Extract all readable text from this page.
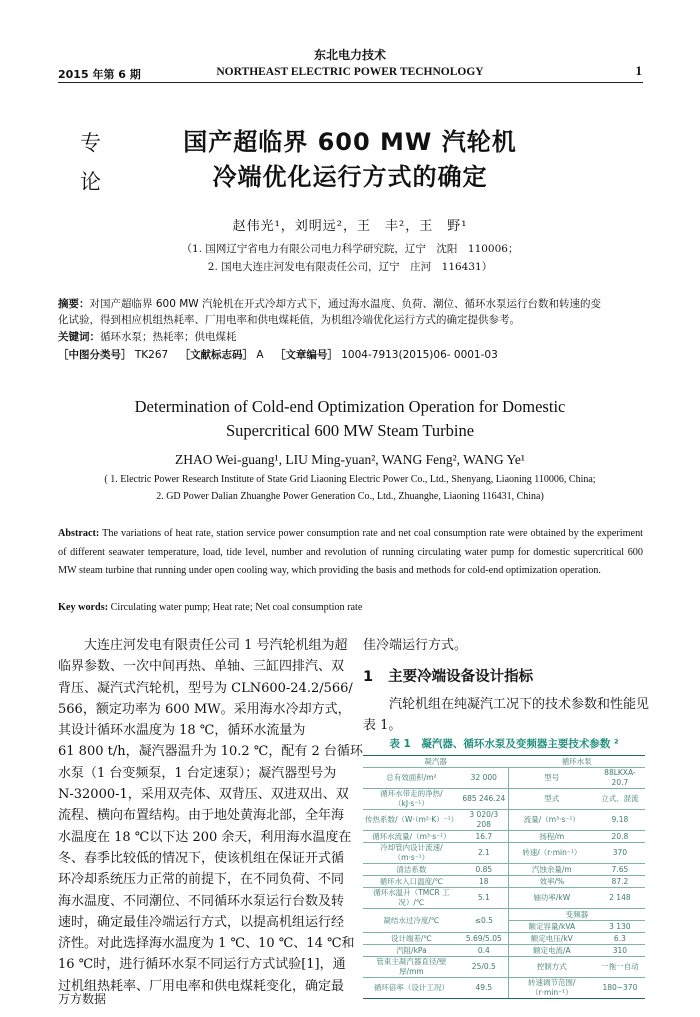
东北电力技术
2015 年第 6 期	NORTHEAST ELECTRIC POWER TECHNOLOGY	1
专
论
国产超临界 600 MW 汽轮机
冷端优化运行方式的确定
赵伟光¹，刘明远²，王　丰²，王　野¹
（1. 国网辽宁省电力有限公司电力科学研究院，辽宁　沈阳　110006；
2. 国电大连庄河发电有限责任公司，辽宁　庄河　116431）
摘要：对国产超临界 600 MW 汽轮机在开式冷却方式下，通过海水温度、负荷、潮位、循环水泵运行台数和转速的变
化试验，得到相应机组热耗率、厂用电率和供电煤耗值，为机组冷端优化运行方式的确定提供参考。
关键词：循环水泵；热耗率；供电煤耗
［中图分类号］ TK267 ［文献标志码］ A ［文章编号］ 1004-7913(2015)06- 0001-03
Determination of Cold-end Optimization Operation for Domestic
Supercritical 600 MW Steam Turbine
ZHAO Wei-guang¹, LIU Ming-yuan², WANG Feng², WANG Ye¹
( 1. Electric Power Research Institute of State Grid Liaoning Electric Power Co., Ltd., Shenyang, Liaoning 110006, China;
2. GD Power Dalian Zhuanghe Power Generation Co., Ltd., Zhuanghe, Liaoning 116431, China)
Abstract: The variations of heat rate, station service power consumption rate and net coal consumption rate were obtained by the experiment of different seawater temperature, load, tide level, number and revolution of running circulating water pump for domestic supercritical 600 MW steam turbine that running under open cooling way, which providing the basis and methods for cold-end optimization operation.
Key words: Circulating water pump; Heat rate; Net coal consumption rate
　　大连庄河发电有限责任公司 1 号汽轮机组为超
临界参数、一次中间再热、单轴、三缸四排汽、双
背压、凝汽式汽轮机，型号为 CLN600-24.2/566/
566，额定功率为 600 MW。采用海水冷却方式，
其设计循环水温度为 18 ℃，循环水流量为
61 800 t/h，凝汽器温升为 10.2 ℃，配有 2 台循环
水泵（1 台变频泵，1 台定速泵）；凝汽器型号为
N-32000-1，采用双壳体、双背压、双进双出、双
流程、横向布置结构。由于地处黄海北部，全年海
水温度在 18 ℃以下达 200 余天，利用海水温度在
冬、春季比较低的情况下，使该机组在保证开式循
环冷却系统压力正常的前提下，在不同负荷、不同
海水温度、不同潮位、不同循环水泵运行台数及转
速时，确定最佳冷端运行方式，以提高机组运行经
济性。对此选择海水温度为 1 ℃、10 ℃、14 ℃和
16 ℃时，进行循环水泵不同运行方式试验[1]，通
过机组热耗率、厂用电率和供电煤耗变化，确定最
佳冷端运行方式。
1 主要冷端设备设计指标
　　汽轮机组在纯凝汽工况下的技术参数和性能见
表 1。
表 1　凝汽器、循环水泵及变频器主要技术参数 ²
凝汽器		循环水泵	
总有效面积/m²	32 000	型号	88LKXA-20.7
循环水带走的净热/（kJ·s⁻¹）	685 246.24	型式	立式、混流
传热系数/（W·（m²·K）⁻¹）	3 020/3 208	流量/（m³·s⁻¹）	9.18
循环水流量/（m³·s⁻¹）	16.7	扬程/m	20.8
冷却管内设计流速/（m·s⁻¹）	2.1	转速/（r·min⁻¹）	370
清洁系数	0.85	汽蚀余量/m	7.65
循环水入口温度/℃	18	效率/%	87.2
循环水温升（TMCR 工况）/℃	5.1	轴功率/kW	2 148
凝结水过冷度/℃	≤0.5	变频器	
		额定容量/kVA	3 130
设计端差/℃	5.69/5.05	额定电压/kV	6.3
汽阻/kPa	0.4	额定电流/A	310
管束主凝汽器直径/壁厚/mm	25/0.5	控制方式	一拖一自动
循环倍率（设计工况）	49.5	转速调节范围/（r·min⁻¹）	180~370
万方数据
